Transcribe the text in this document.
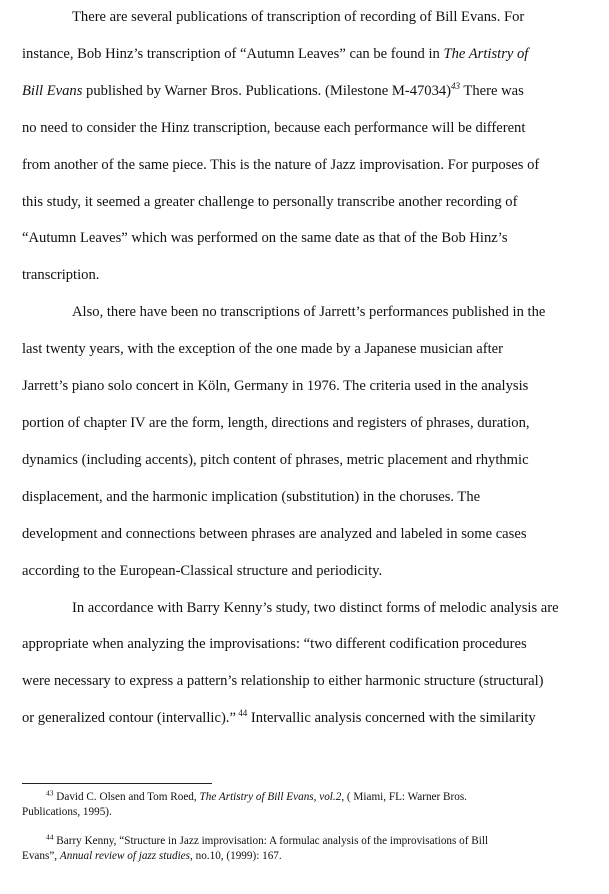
There are several publications of transcription of recording of Bill Evans. For
instance, Bob Hinz’s transcription of “Autumn Leaves” can be found in The Artistry of
Bill Evans published by Warner Bros. Publications. (Milestone M-47034)$^{43}$ There was
no need to consider the Hinz transcription, because each performance will be different
from another of the same piece. This is the nature of Jazz improvisation. For purposes of
this study, it seemed a greater challenge to personally transcribe another recording of
“Autumn Leaves” which was performed on the same date as that of the Bob Hinz’s
transcription.
Also, there have been no transcriptions of Jarrett’s performances published in the
last twenty years, with the exception of the one made by a Japanese musician after
Jarrett’s piano solo concert in Köln, Germany in 1976. The criteria used in the analysis
portion of chapter IV are the form, length, directions and registers of phrases, duration,
dynamics (including accents), pitch content of phrases, metric placement and rhythmic
displacement, and the harmonic implication (substitution) in the choruses. The
development and connections between phrases are analyzed and labeled in some cases
according to the European-Classical structure and periodicity.
In accordance with Barry Kenny’s study, two distinct forms of melodic analysis are
appropriate when analyzing the improvisations: “two different codification procedures
were necessary to express a pattern’s relationship to either harmonic structure (structural)
or generalized contour (intervallic).” $^{44}$ Intervallic analysis concerned with the similarity
$^{43}$ David C. Olsen and Tom Roed, The Artistry of Bill Evans, vol.2, ( Miami, FL: Warner Bros.
Publications, 1995).
$^{44}$ Barry Kenny, “Structure in Jazz improvisation: A formulac analysis of the improvisations of Bill
Evans”, Annual review of jazz studies, no.10, (1999): 167.
